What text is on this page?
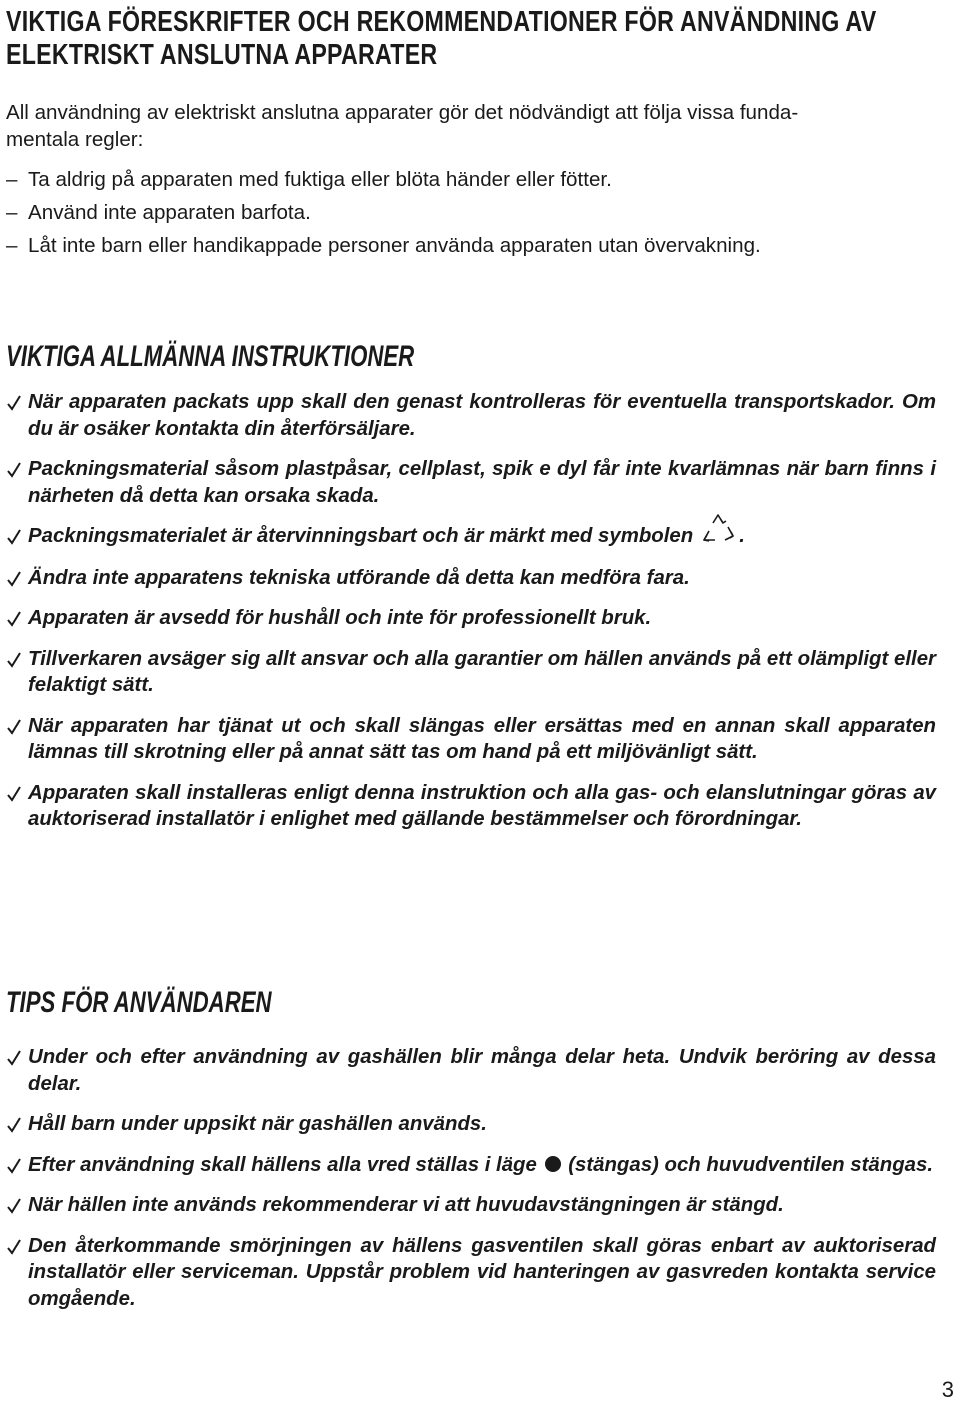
VIKTIGA FÖRESKRIFTER OCH REKOMMENDATIONER FÖR ANVÄNDNING AV
ELEKTRISKT ANSLUTNA APPARATER

All användning av elektriskt anslutna apparater gör det nödvändigt att följa vissa funda-
mentala regler:

– Ta aldrig på apparaten med fuktiga eller blöta händer eller fötter.
– Använd inte apparaten barfota.
– Låt inte barn eller handikappade personer använda apparaten utan övervakning.
VIKTIGA ALLMÄNNA INSTRUKTIONER
När apparaten packats upp skall den genast kontrolleras för eventuella transportskador. Om du är osäker kontakta din återförsäljare.
Packningsmaterial såsom plastpåsar, cellplast, spik e dyl får inte kvarlämnas när barn finns i närheten då detta kan orsaka skada.
Packningsmaterialet är återvinningsbart och är märkt med symbolen .
Ändra inte apparatens tekniska utförande då detta kan medföra fara.
Apparaten är avsedd för hushåll och inte för professionellt bruk.
Tillverkaren avsäger sig allt ansvar och alla garantier om hällen används på ett olämpligt eller felaktigt sätt.
När apparaten har tjänat ut och skall slängas eller ersättas med en annan skall apparaten lämnas till skrotning eller på annat sätt tas om hand på ett miljövänligt sätt.
Apparaten skall installeras enligt denna instruktion och alla gas- och elanslutningar göras av auktoriserad installatör i enlighet med gällande bestämmelser och förordningar.
TIPS FÖR ANVÄNDAREN
Under och efter användning av gashällen blir många delar heta. Undvik beröring av dessa delar.
Håll barn under uppsikt när gashällen används.
Efter användning skall hällens alla vred ställas i läge (stängas) och huvudventilen stängas.
När hällen inte används rekommenderar vi att huvudavstängningen är stängd.
Den återkommande smörjningen av hällens gasventilen skall göras enbart av auktoriserad installatör eller serviceman. Uppstår problem vid hanteringen av gasvreden kontakta service omgående.
3
